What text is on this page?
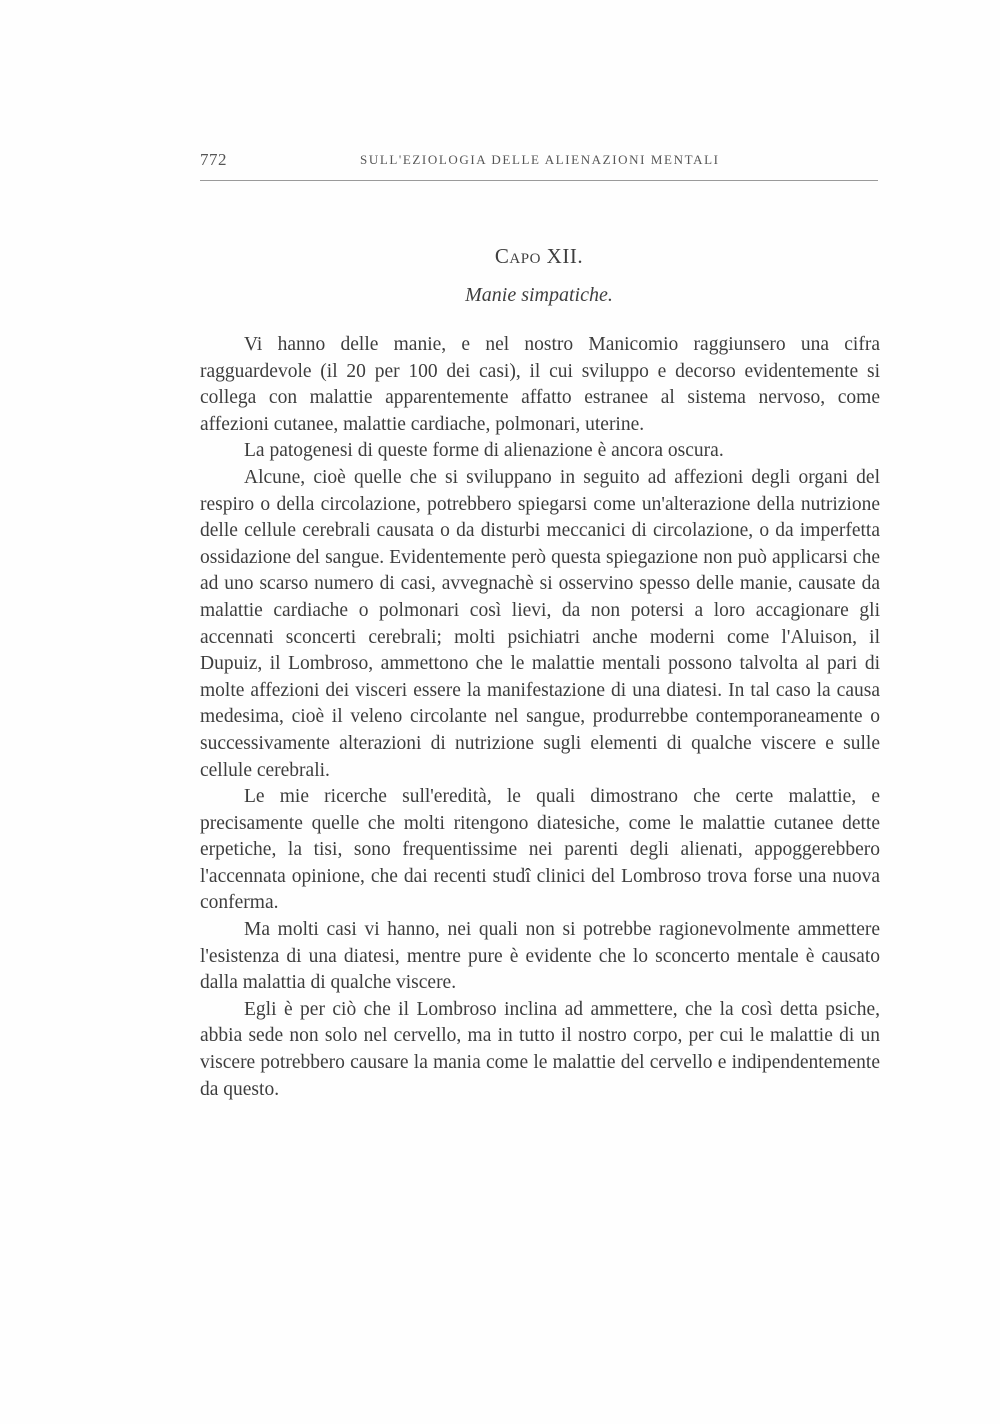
772	SULL'EZIOLOGIA DELLE ALIENAZIONI MENTALI
Capo XII.
Manie simpatiche.

Vi hanno delle manie, e nel nostro Manicomio raggiunsero una cifra ragguardevole (il 20 per 100 dei casi), il cui sviluppo e decorso evidentemente si collega con malattie apparentemente affatto estranee al sistema nervoso, come affezioni cutanee, malattie cardiache, polmonari, uterine.

La patogenesi di queste forme di alienazione è ancora oscura.

Alcune, cioè quelle che si sviluppano in seguito ad affezioni degli organi del respiro o della circolazione, potrebbero spiegarsi come un'alterazione della nutrizione delle cellule cerebrali causata o da disturbi meccanici di circolazione, o da imperfetta ossidazione del sangue. Evidentemente però questa spiegazione non può applicarsi che ad uno scarso numero di casi, avvegnachè si osservino spesso delle manie, causate da malattie cardiache o polmonari così lievi, da non potersi a loro accagionare gli accennati sconcerti cerebrali; molti psichiatri anche moderni come l'Aluison, il Dupuiz, il Lombroso, ammettono che le malattie mentali possono talvolta al pari di molte affezioni dei visceri essere la manifestazione di una diatesi. In tal caso la causa medesima, cioè il veleno circolante nel sangue, produrrebbe contemporaneamente o successivamente alterazioni di nutrizione sugli elementi di qualche viscere e sulle cellule cerebrali.

Le mie ricerche sull'eredità, le quali dimostrano che certe malattie, e precisamente quelle che molti ritengono diatesiche, come le malattie cutanee dette erpetiche, la tisi, sono frequentissime nei parenti degli alienati, appoggerebbero l'accennata opinione, che dai recenti studî clinici del Lombroso trova forse una nuova conferma.

Ma molti casi vi hanno, nei quali non si potrebbe ragionevolmente ammettere l'esistenza di una diatesi, mentre pure è evidente che lo sconcerto mentale è causato dalla malattia di qualche viscere.

Egli è per ciò che il Lombroso inclina ad ammettere, che la così detta psiche, abbia sede non solo nel cervello, ma in tutto il nostro corpo, per cui le malattie di un viscere potrebbero causare la mania come le malattie del cervello e indipendentemente da questo.
